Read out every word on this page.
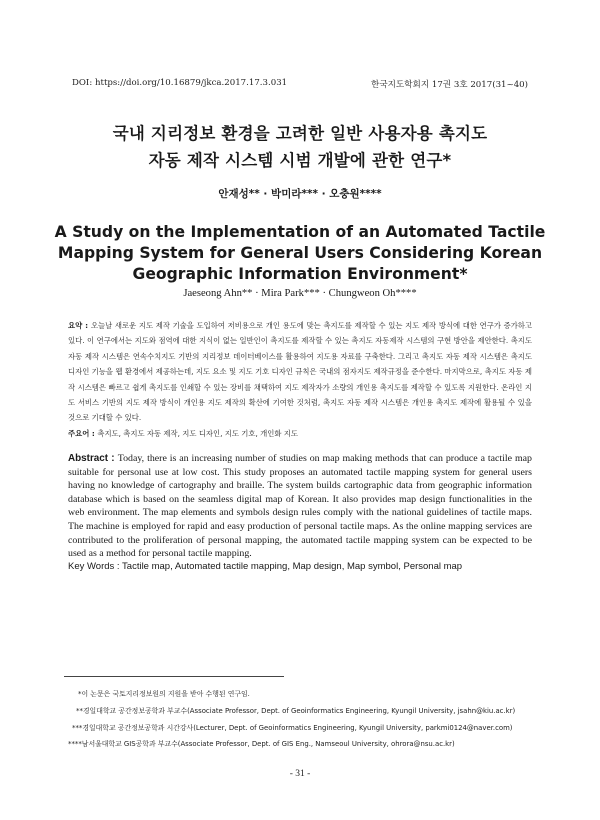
DOI: https://doi.org/10.16879/jkca.2017.17.3.031	한국지도학회지 17권 3호 2017(31~40)
국내 지리정보 환경을 고려한 일반 사용자용 촉지도
자동 제작 시스템 시범 개발에 관한 연구*
안재성** · 박미라*** · 오충원****
A Study on the Implementation of an Automated Tactile
Mapping System for General Users Considering Korean
Geographic Information Environment*
Jaeseong Ahn** · Mira Park*** · Chungweon Oh****
요약 : 오늘날 새로운 지도 제작 기술을 도입하여 저비용으로 개인 용도에 맞는 촉지도를 제작할 수 있는 지도 제작 방식에 대한 연구가 증가하고 있다. 이 연구에서는 지도와 점역에 대한 지식이 없는 일반인이 촉지도를 제작할 수 있는 촉지도 자동제작 시스템의 구현 방안을 제안한다. 촉지도 자동 제작 시스템은 연속수치지도 기반의 지리정보 데이터베이스를 활용하여 지도용 자료를 구축한다. 그리고 촉지도 자동 제작 시스템은 촉지도 디자인 기능을 웹 환경에서 제공하는데, 지도 요소 및 지도 기호 디자인 규칙은 국내의 점자지도 제작규정을 준수한다. 마지막으로, 촉지도 자동 제작 시스템은 빠르고 쉽게 촉지도를 인쇄할 수 있는 장비를 채택하여 지도 제작자가 소량의 개인용 촉지도를 제작할 수 있도록 지원한다. 온라인 지도 서비스 기반의 지도 제작 방식이 개인용 지도 제작의 확산에 기여한 것처럼, 촉지도 자동 제작 시스템은 개인용 촉지도 제작에 활용될 수 있을 것으로 기대할 수 있다.
주요어 : 촉지도, 촉지도 자동 제작, 지도 디자인, 지도 기호, 개인화 지도
Abstract : Today, there is an increasing number of studies on map making methods that can produce a tactile map suitable for personal use at low cost. This study proposes an automated tactile mapping system for general users having no knowledge of cartography and braille. The system builds cartographic data from geographic information database which is based on the seamless digital map of Korean. It also provides map design functionalities in the web environment. The map elements and symbols design rules comply with the national guidelines of tactile maps. The machine is employed for rapid and easy production of personal tactile maps. As the online mapping services are contributed to the proliferation of personal mapping, the automated tactile mapping system can be expected to be used as a method for personal tactile mapping.
Key Words : Tactile map, Automated tactile mapping, Map design, Map symbol, Personal map
*이 논문은 국토지리정보원의 지원을 받아 수행된 연구임.
**경일대학교 공간정보공학과 부교수(Associate Professor, Dept. of Geoinformatics Engineering, Kyungil University, jsahn@kiu.ac.kr)
***경일대학교 공간정보공학과 시간강사(Lecturer, Dept. of Geoinformatics Engineering, Kyungil University, parkmi0124@naver.com)
****남서울대학교 GIS공학과 부교수(Associate Professor, Dept. of GIS Eng., Namseoul University, ohrora@nsu.ac.kr)
- 31 -
